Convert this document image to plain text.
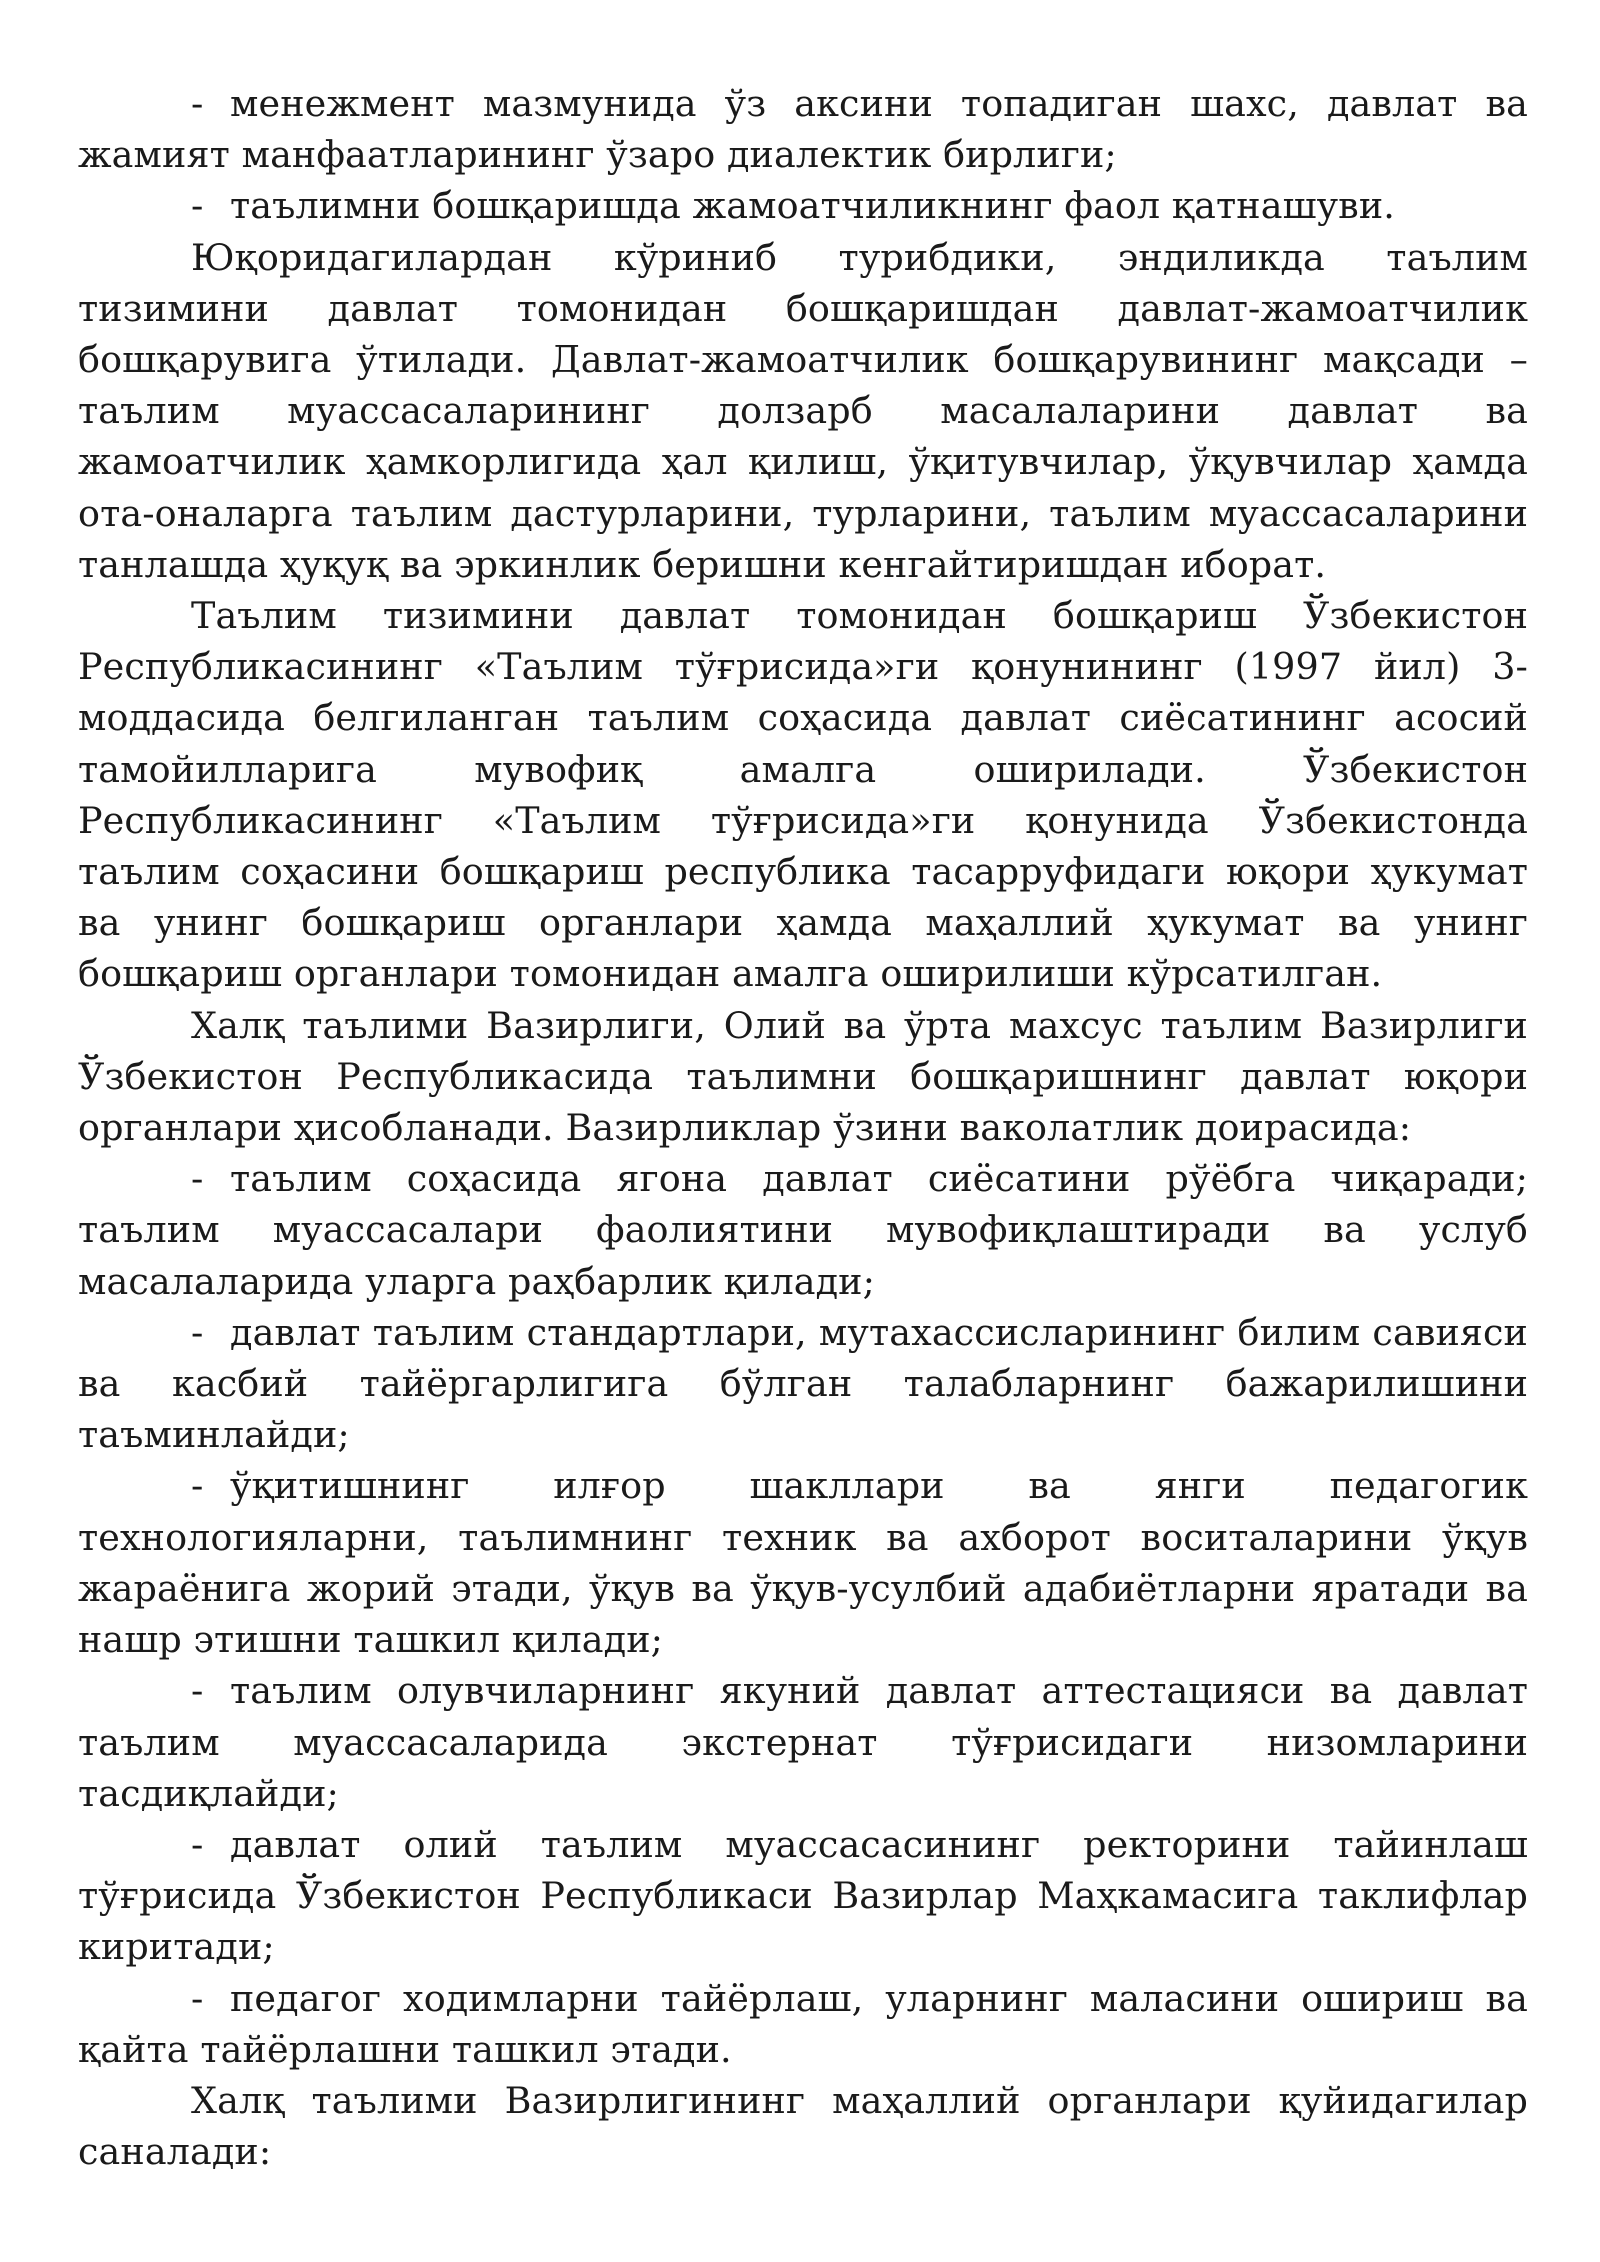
- менежмент мазмунида ўз аксини топадиган шахс, давлат ва жамият манфаатларининг ўзаро диалектик бирлиги;

- таълимни бошқаришда жамоатчиликнинг фаол қатнашуви.

Юқоридагилардан кўриниб турибдики, эндиликда таълим тизимини давлат томонидан бошқаришдан давлат-жамоатчилик бошқарувига ўтилади. Давлат-жамоатчилик бошқарувининг мақсади –таълим муассасаларининг долзарб масалаларини давлат ва жамоатчилик ҳамкорлигида ҳал қилиш, ўқитувчилар, ўқувчилар ҳамда ота-оналарга таълим дастурларини, турларини, таълим муассасаларини танлашда ҳуқуқ ва эркинлик беришни кенгайтиришдан иборат.

Таълим тизимини давлат томонидан бошқариш Ўзбекистон Республикасининг «Таълим тўғрисида»ги қонунининг (1997 йил) 3-моддасида белгиланган таълим соҳасида давлат сиёсатининг асосий тамойилларига мувофиқ амалга оширилади. Ўзбекистон Республикасининг «Таълим тўғрисида»ги қонунида Ўзбекистонда таълим соҳасини бошқариш республика тасарруфидаги юқори ҳукумат ва унинг бошқариш органлари ҳамда маҳаллий ҳукумат ва унинг бошқариш органлари томонидан амалга оширилиши кўрсатилган.

Халқ таълими Вазирлиги, Олий ва ўрта махсус таълим Вазирлиги Ўзбекистон Республикасида таълимни бошқаришнинг давлат юқори органлари ҳисобланади. Вазирликлар ўзини ваколатлик доирасида:

- таълим соҳасида ягона давлат сиёсатини рўёбга чиқаради; таълим муассасалари фаолиятини мувофиқлаштиради ва услуб масалаларида уларга раҳбарлик қилади;

- давлат таълим стандартлари, мутахассисларининг билим савияси ва касбий тайёргарлигига бўлган талабларнинг бажарилишини таъминлайди;

- ўқитишнинг илғор шакллари ва янги педагогик технологияларни, таълимнинг техник ва ахборот воситаларини ўқув жараёнига жорий этади, ўқув ва ўқув-усулбий адабиётларни яратади ва нашр этишни ташкил қилади;

- таълим олувчиларнинг якуний давлат аттестацияси ва давлат таълим муассасаларида экстернат тўғрисидаги низомларини тасдиқлайди;

- давлат олий таълим муассасасининг ректорини тайинлаш тўғрисида Ўзбекистон Республикаси Вазирлар Маҳкамасига таклифлар киритади;

- педагог ходимларни тайёрлаш, уларнинг маласини ошириш ва қайта тайёрлашни ташкил этади.

Халқ таълими Вазирлигининг маҳаллий органлари қуйидагилар саналади:
